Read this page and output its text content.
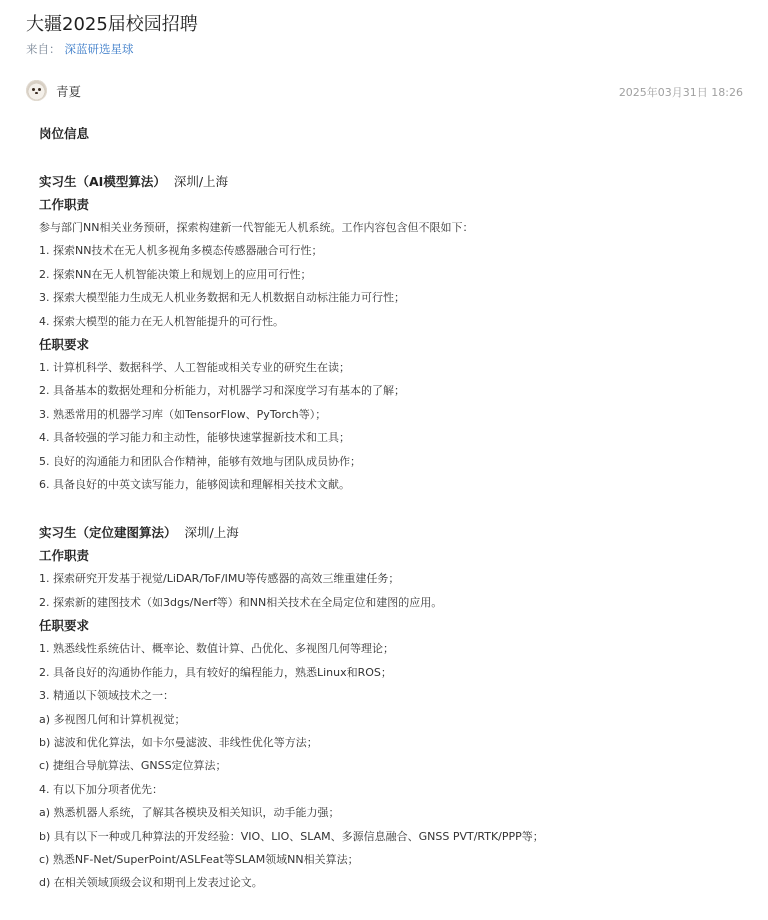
大疆2025届校园招聘
来自： 深蓝研选星球
青夏	2025年03月31日 18:26
岗位信息
实习生（AI模型算法） 深圳/上海
工作职责
参与部门NN相关业务预研，探索构建新一代智能无人机系统。工作内容包含但不限如下：
1. 探索NN技术在无人机多视角多模态传感器融合可行性；
2. 探索NN在无人机智能决策上和规划上的应用可行性；
3. 探索大模型能力生成无人机业务数据和无人机数据自动标注能力可行性；
4. 探索大模型的能力在无人机智能提升的可行性。
任职要求
1. 计算机科学、数据科学、人工智能或相关专业的研究生在读；
2. 具备基本的数据处理和分析能力，对机器学习和深度学习有基本的了解；
3. 熟悉常用的机器学习库（如TensorFlow、PyTorch等）；
4. 具备较强的学习能力和主动性，能够快速掌握新技术和工具；
5. 良好的沟通能力和团队合作精神，能够有效地与团队成员协作；
6. 具备良好的中英文读写能力，能够阅读和理解相关技术文献。
实习生（定位建图算法） 深圳/上海
工作职责
1. 探索研究开发基于视觉/LiDAR/ToF/IMU等传感器的高效三维重建任务；
2. 探索新的建图技术（如3dgs/Nerf等）和NN相关技术在全局定位和建图的应用。
任职要求
1. 熟悉线性系统估计、概率论、数值计算、凸优化、多视图几何等理论；
2. 具备良好的沟通协作能力，具有较好的编程能力，熟悉Linux和ROS；
3. 精通以下领域技术之一：
a) 多视图几何和计算机视觉；
b) 滤波和优化算法，如卡尔曼滤波、非线性优化等方法；
c) 捷组合导航算法、GNSS定位算法；
4. 有以下加分项者优先：
a) 熟悉机器人系统，了解其各模块及相关知识，动手能力强；
b) 具有以下一种或几种算法的开发经验：VIO、LIO、SLAM、多源信息融合、GNSS PVT/RTK/PPP等；
c) 熟悉NF-Net/SuperPoint/ASLFeat等SLAM领域NN相关算法；
d) 在相关领域顶级会议和期刊上发表过论文。
